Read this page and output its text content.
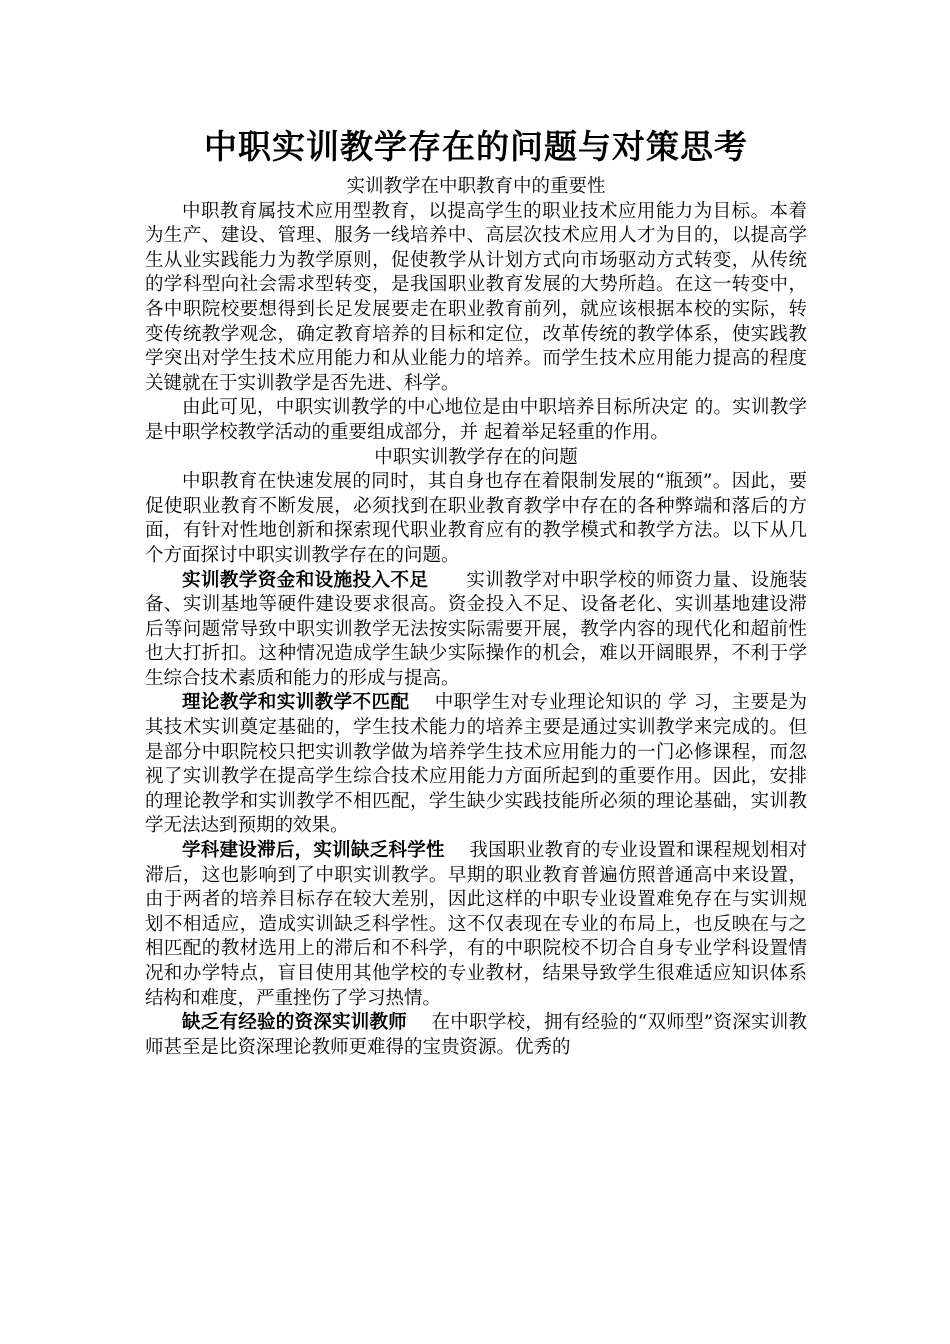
中职实训教学存在的问题与对策思考
实训教学在中职教育中的重要性

中职教育属技术应用型教育，以提高学生的职业技术应用能力为目标。本着为生产、建设、管理、服务一线培养中、高层次技术应用人才为目的，以提高学生从业实践能力为教学原则，促使教学从计划方式向市场驱动方式转变，从传统的学科型向社会需求型转变，是我国职业教育发展的大势所趋。在这一转变中，各中职院校要想得到长足发展要走在职业教育前列，就应该根据本校的实际，转变传统教学观念，确定教育培养的目标和定位，改革传统的教学体系，使实践教学突出对学生技术应用能力和从业能力的培养。而学生技术应用能力提高的程度关键就在于实训教学是否先进、科学。

由此可见，中职实训教学的中心地位是由中职培养目标所决定 的。实训教学是中职学校教学活动的重要组成部分，并 起着举足轻重的作用。

中职实训教学存在的问题

中职教育在快速发展的同时，其自身也存在着限制发展的“瓶颈”。因此，要促使职业教育不断发展，必须找到在职业教育教学中存在的各种弊端和落后的方面，有针对性地创新和探索现代职业教育应有的教学模式和教学方法。以下从几个方面探讨中职实训教学存在的问题。

实训教学资金和设施投入不足 实训教学对中职学校的师资力量、设施装备、实训基地等硬件建设要求很高。资金投入不足、设备老化、实训基地建设滞后等问题常导致中职实训教学无法按实际需要开展，教学内容的现代化和超前性也大打折扣。这种情况造成学生缺少实际操作的机会，难以开阔眼界，不利于学生综合技术素质和能力的形成与提高。

理论教学和实训教学不匹配 中职学生对专业理论知识的 学 习，主要是为其技术实训奠定基础的，学生技术能力的培养主要是通过实训教学来完成的。但是部分中职院校只把实训教学做为培养学生技术应用能力的一门必修课程，而忽视了实训教学在提高学生综合技术应用能力方面所起到的重要作用。因此，安排的理论教学和实训教学不相匹配，学生缺少实践技能所必须的理论基础，实训教学无法达到预期的效果。

学科建设滞后，实训缺乏科学性 我国职业教育的专业设置和课程规划相对滞后，这也影响到了中职实训教学。早期的职业教育普遍仿照普通高中来设置，由于两者的培养目标存在较大差别，因此这样的中职专业设置难免存在与实训规划不相适应，造成实训缺乏科学性。这不仅表现在专业的布局上，也反映在与之相匹配的教材选用上的滞后和不科学，有的中职院校不切合自身专业学科设置情况和办学特点，盲目使用其他学校的专业教材，结果导致学生很难适应知识体系结构和难度，严重挫伤了学习热情。

缺乏有经验的资深实训教师 在中职学校，拥有经验的“双师型”资深实训教师甚至是比资深理论教师更难得的宝贵资源。优秀的
